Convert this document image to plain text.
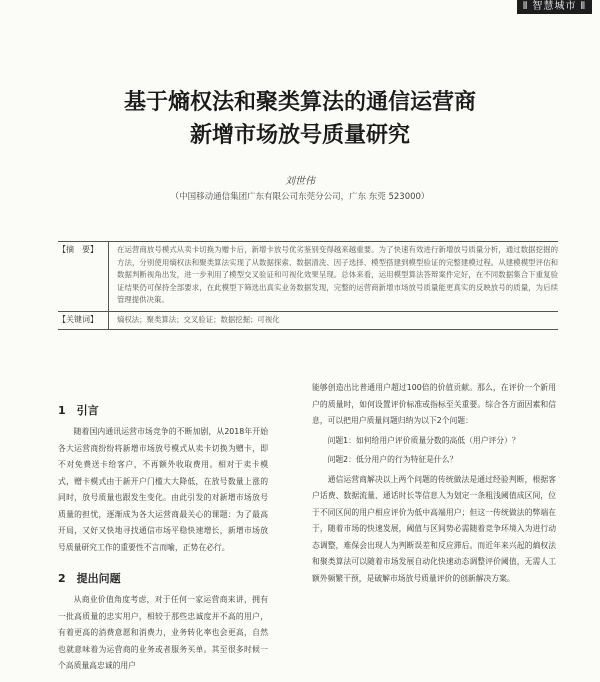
⦀ 智慧城市 ⦀
基于熵权法和聚类算法的通信运营商
新增市场放号质量研究
刘世伟
（中国移动通信集团广东有限公司东莞分公司，广东 东莞 523000）
【摘　要】	在运营商放号模式从卖卡切换为赠卡后，新增卡放号优劣鉴别变得越来越重要。为了快速有效进行新增放号质量分析，通过数据挖掘的方法，分别使用熵权法和聚类算法实现了从数据探索、数据清洗、因子选择、模型搭建到模型验证的完整建模过程。从建模模型评估和数据判断视角出发，进一步利用了模型交叉验证和可视化效果呈现。总体来看，运用模型算法答辩案件定好，在不同数据集合下重复验证结果仍可保持全部要求，在此模型下筛选出真实业务数据发现，完整的运营商新增市场放号质量能更真实的反映放号的质量，为后续管理提供决策。
【关键词】	熵权法；聚类算法；交叉验证；数据挖掘；可视化
1　引言

随着国内通讯运营市场竞争的不断加剧，从2018年开始各大运营商纷纷将新增市场放号模式从卖卡切换为赠卡，即不对免费送卡给客户，不再额外收取费用。相对于卖卡模式，赠卡模式由于新开户门槛大大降低，在放号数量上涨的同时，放号质量也跟发生变化。由此引发的对新增市场放号质量的担忧，逐渐成为各大运营商最关心的课题：为了最高开局，又好又快地寻找通信市场平稳快速增长，新增市场放号质量研究工作的重要性不言而喻，正势在必行。

2　提出问题

从商业价值角度考虑，对于任何一家运营商来讲，拥有一批高质量的忠实用户，相较于那些忠诚度并不高的用户，有着更高的消费意愿和消费力，业务转化率也会更高，自然也就意味着为运营商的业务或者服务买单。其至很多时候一个高质量高忠诚的用户

能够创造出比普通用户超过100倍的价值贡献。那么，在评价一个新用户的质量时，如何设置评价标准或指标至关重要。综合各方面因素和信息，可以把用户质量问题归纳为以下2个问题：

问题1：如何给用户评价质量分数的高低（用户评分）？

问题2：低分用户的行为特征是什么？

通信运营商解决以上两个问题的传统做法是通过经验判断，根据客户话费、数据流量、通话时长等信息人为划定一条粗浅阈值成区间，位于不同区间的用户相应评价为低中高端用户；但这一传统做法的弊端在于，随着市场的快速发展，阈值与区间势必需随着竞争环境入为进行动态调整，难保会出现人为判断误差和反应滞后。而近年来兴起的熵权法和聚类算法可以随着市场发展自动化快速动态调整评价阈值，无需人工额外频繁干预，是破解市场放号质量评价的创新解决方案。
